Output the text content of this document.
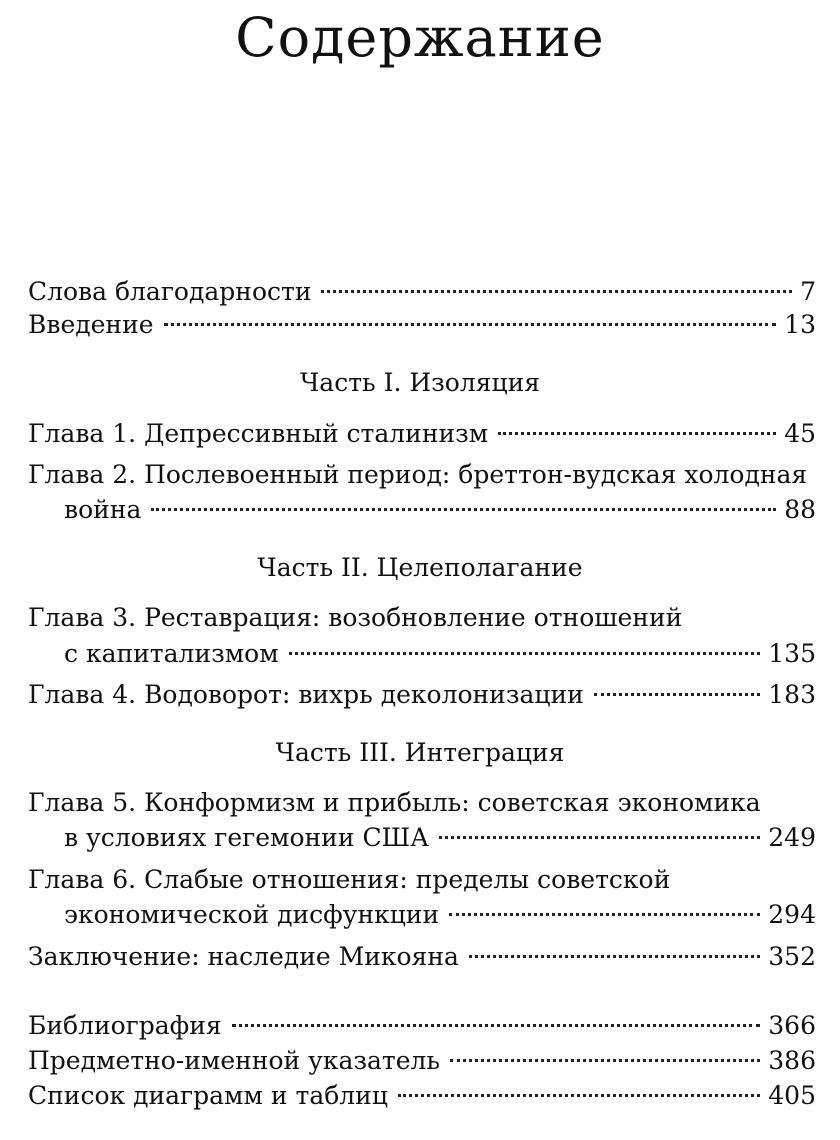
Содержание
Слова благодарности	7
Введение	13
Часть I. Изоляция
Глава 1. Депрессивный сталинизм	45
Глава 2. Послевоенный период: бреттон-вудская холодная
война	88
Часть II. Целеполагание
Глава 3. Реставрация: возобновление отношений
с капитализмом	135
Глава 4. Водоворот: вихрь деколонизации	183
Часть III. Интеграция
Глава 5. Конформизм и прибыль: советская экономика
в условиях гегемонии США	249
Глава 6. Слабые отношения: пределы советской
экономической дисфункции	294
Заключение: наследие Микояна	352
Библиография	366
Предметно-именной указатель	386
Список диаграмм и таблиц	405
